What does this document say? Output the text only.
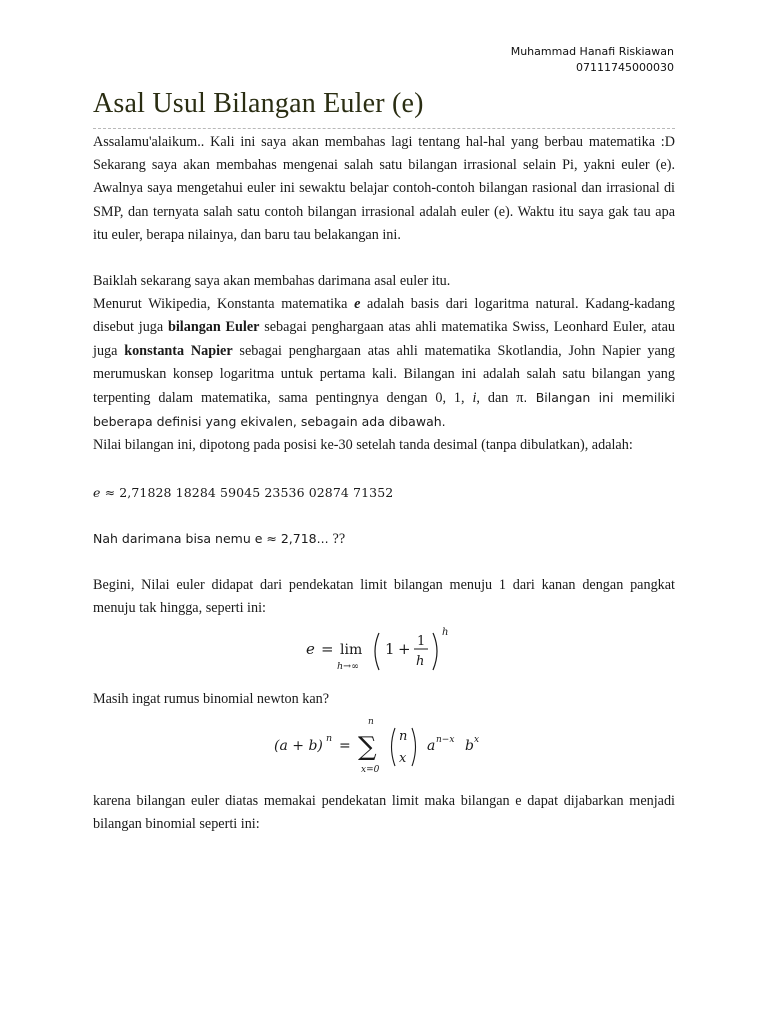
Muhammad Hanafi Riskiawan
07111745000030
Asal Usul Bilangan Euler (e)

Assalamu'alaikum.. Kali ini saya akan membahas lagi tentang hal-hal yang berbau matematika :D Sekarang saya akan membahas mengenai salah satu bilangan irrasional selain Pi, yakni euler (e). Awalnya saya mengetahui euler ini sewaktu belajar contoh-contoh bilangan rasional dan irrasional di SMP, dan ternyata salah satu contoh bilangan irrasional adalah euler (e). Waktu itu saya gak tau apa itu euler, berapa nilainya, dan baru tau belakangan ini.

Baiklah sekarang saya akan membahas darimana asal euler itu.

Menurut Wikipedia, Konstanta matematika e adalah basis dari logaritma natural. Kadang-kadang disebut juga bilangan Euler sebagai penghargaan atas ahli matematika Swiss, Leonhard Euler, atau juga konstanta Napier sebagai penghargaan atas ahli matematika Skotlandia, John Napier yang merumuskan konsep logaritma untuk pertama kali. Bilangan ini adalah salah satu bilangan yang terpenting dalam matematika, sama pentingnya dengan 0, 1, i, dan π. Bilangan ini memiliki beberapa definisi yang ekivalen, sebagain ada dibawah.

Nilai bilangan ini, dipotong pada posisi ke-30 setelah tanda desimal (tanpa dibulatkan), adalah:

e ≈ 2,71828 18284 59045 23536 02874 71352

Nah darimana bisa nemu e ≈ 2,718... ??

Begini, Nilai euler didapat dari pendekatan limit bilangan menuju 1 dari kanan dengan pangkat menuju tak hingga, seperti ini:

e = lim
h→∞
1 + 1
h
h

Masih ingat rumus binomial newton kan?

(a + b) n = ∑
n
x=0
n
x
a n−x b x

karena bilangan euler diatas memakai pendekatan limit maka bilangan e dapat dijabarkan menjadi bilangan binomial seperti ini:
